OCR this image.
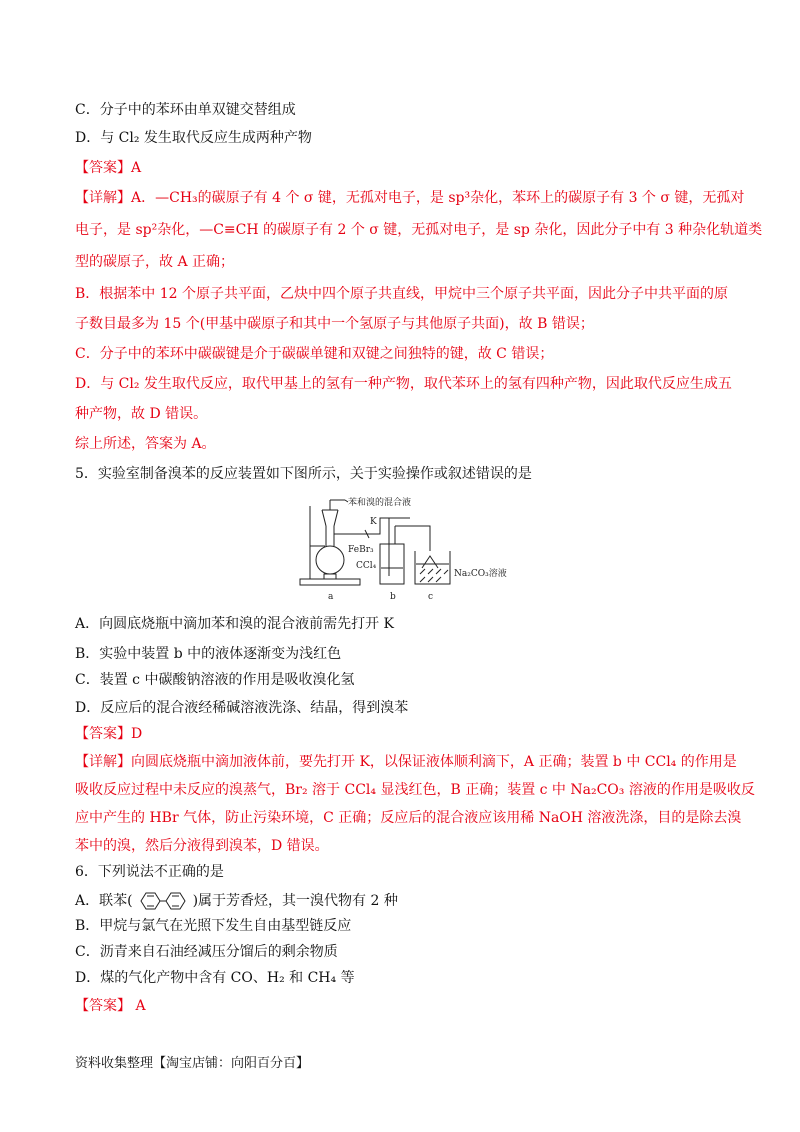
C．分子中的苯环由单双键交替组成
D．与 Cl₂ 发生取代反应生成两种产物
【答案】A
【详解】A．—CH₃的碳原子有 4 个 σ 键，无孤对电子，是 sp³杂化，苯环上的碳原子有 3 个 σ 键，无孤对
电子，是 sp²杂化，—C≡CH 的碳原子有 2 个 σ 键，无孤对电子，是 sp 杂化，因此分子中有 3 种杂化轨道类
型的碳原子，故 A 正确；
B．根据苯中 12 个原子共平面，乙炔中四个原子共直线，甲烷中三个原子共平面，因此分子中共平面的原
子数目最多为 15 个(甲基中碳原子和其中一个氢原子与其他原子共面)，故 B 错误；
C．分子中的苯环中碳碳键是介于碳碳单键和双键之间独特的键，故 C 错误；
D．与 Cl₂ 发生取代反应，取代甲基上的氢有一种产物，取代苯环上的氢有四种产物，因此取代反应生成五
种产物，故 D 错误。
综上所述，答案为 A。
5．实验室制备溴苯的反应装置如下图所示，关于实验操作或叙述错误的是
苯和溴的混合液
K
FeBr₃
CCl₄
Na₂CO₃溶液
a	b	c
A．向圆底烧瓶中滴加苯和溴的混合液前需先打开 K
B．实验中装置 b 中的液体逐渐变为浅红色
C．装置 c 中碳酸钠溶液的作用是吸收溴化氢
D．反应后的混合液经稀碱溶液洗涤、结晶，得到溴苯
【答案】D
【详解】向圆底烧瓶中滴加液体前，要先打开 K，以保证液体顺利滴下，A 正确；装置 b 中 CCl₄ 的作用是
吸收反应过程中未反应的溴蒸气，Br₂ 溶于 CCl₄ 显浅红色，B 正确；装置 c 中 Na₂CO₃ 溶液的作用是吸收反
应中产生的 HBr 气体，防止污染环境，C 正确；反应后的混合液应该用稀 NaOH 溶液洗涤，目的是除去溴
苯中的溴，然后分液得到溴苯，D 错误。
6．下列说法不正确的是
A．联苯(	)属于芳香烃，其一溴代物有 2 种
B．甲烷与氯气在光照下发生自由基型链反应
C．沥青来自石油经减压分馏后的剩余物质
D．煤的气化产物中含有 CO、H₂ 和 CH₄ 等
【答案】 A
资料收集整理【淘宝店铺：向阳百分百】
